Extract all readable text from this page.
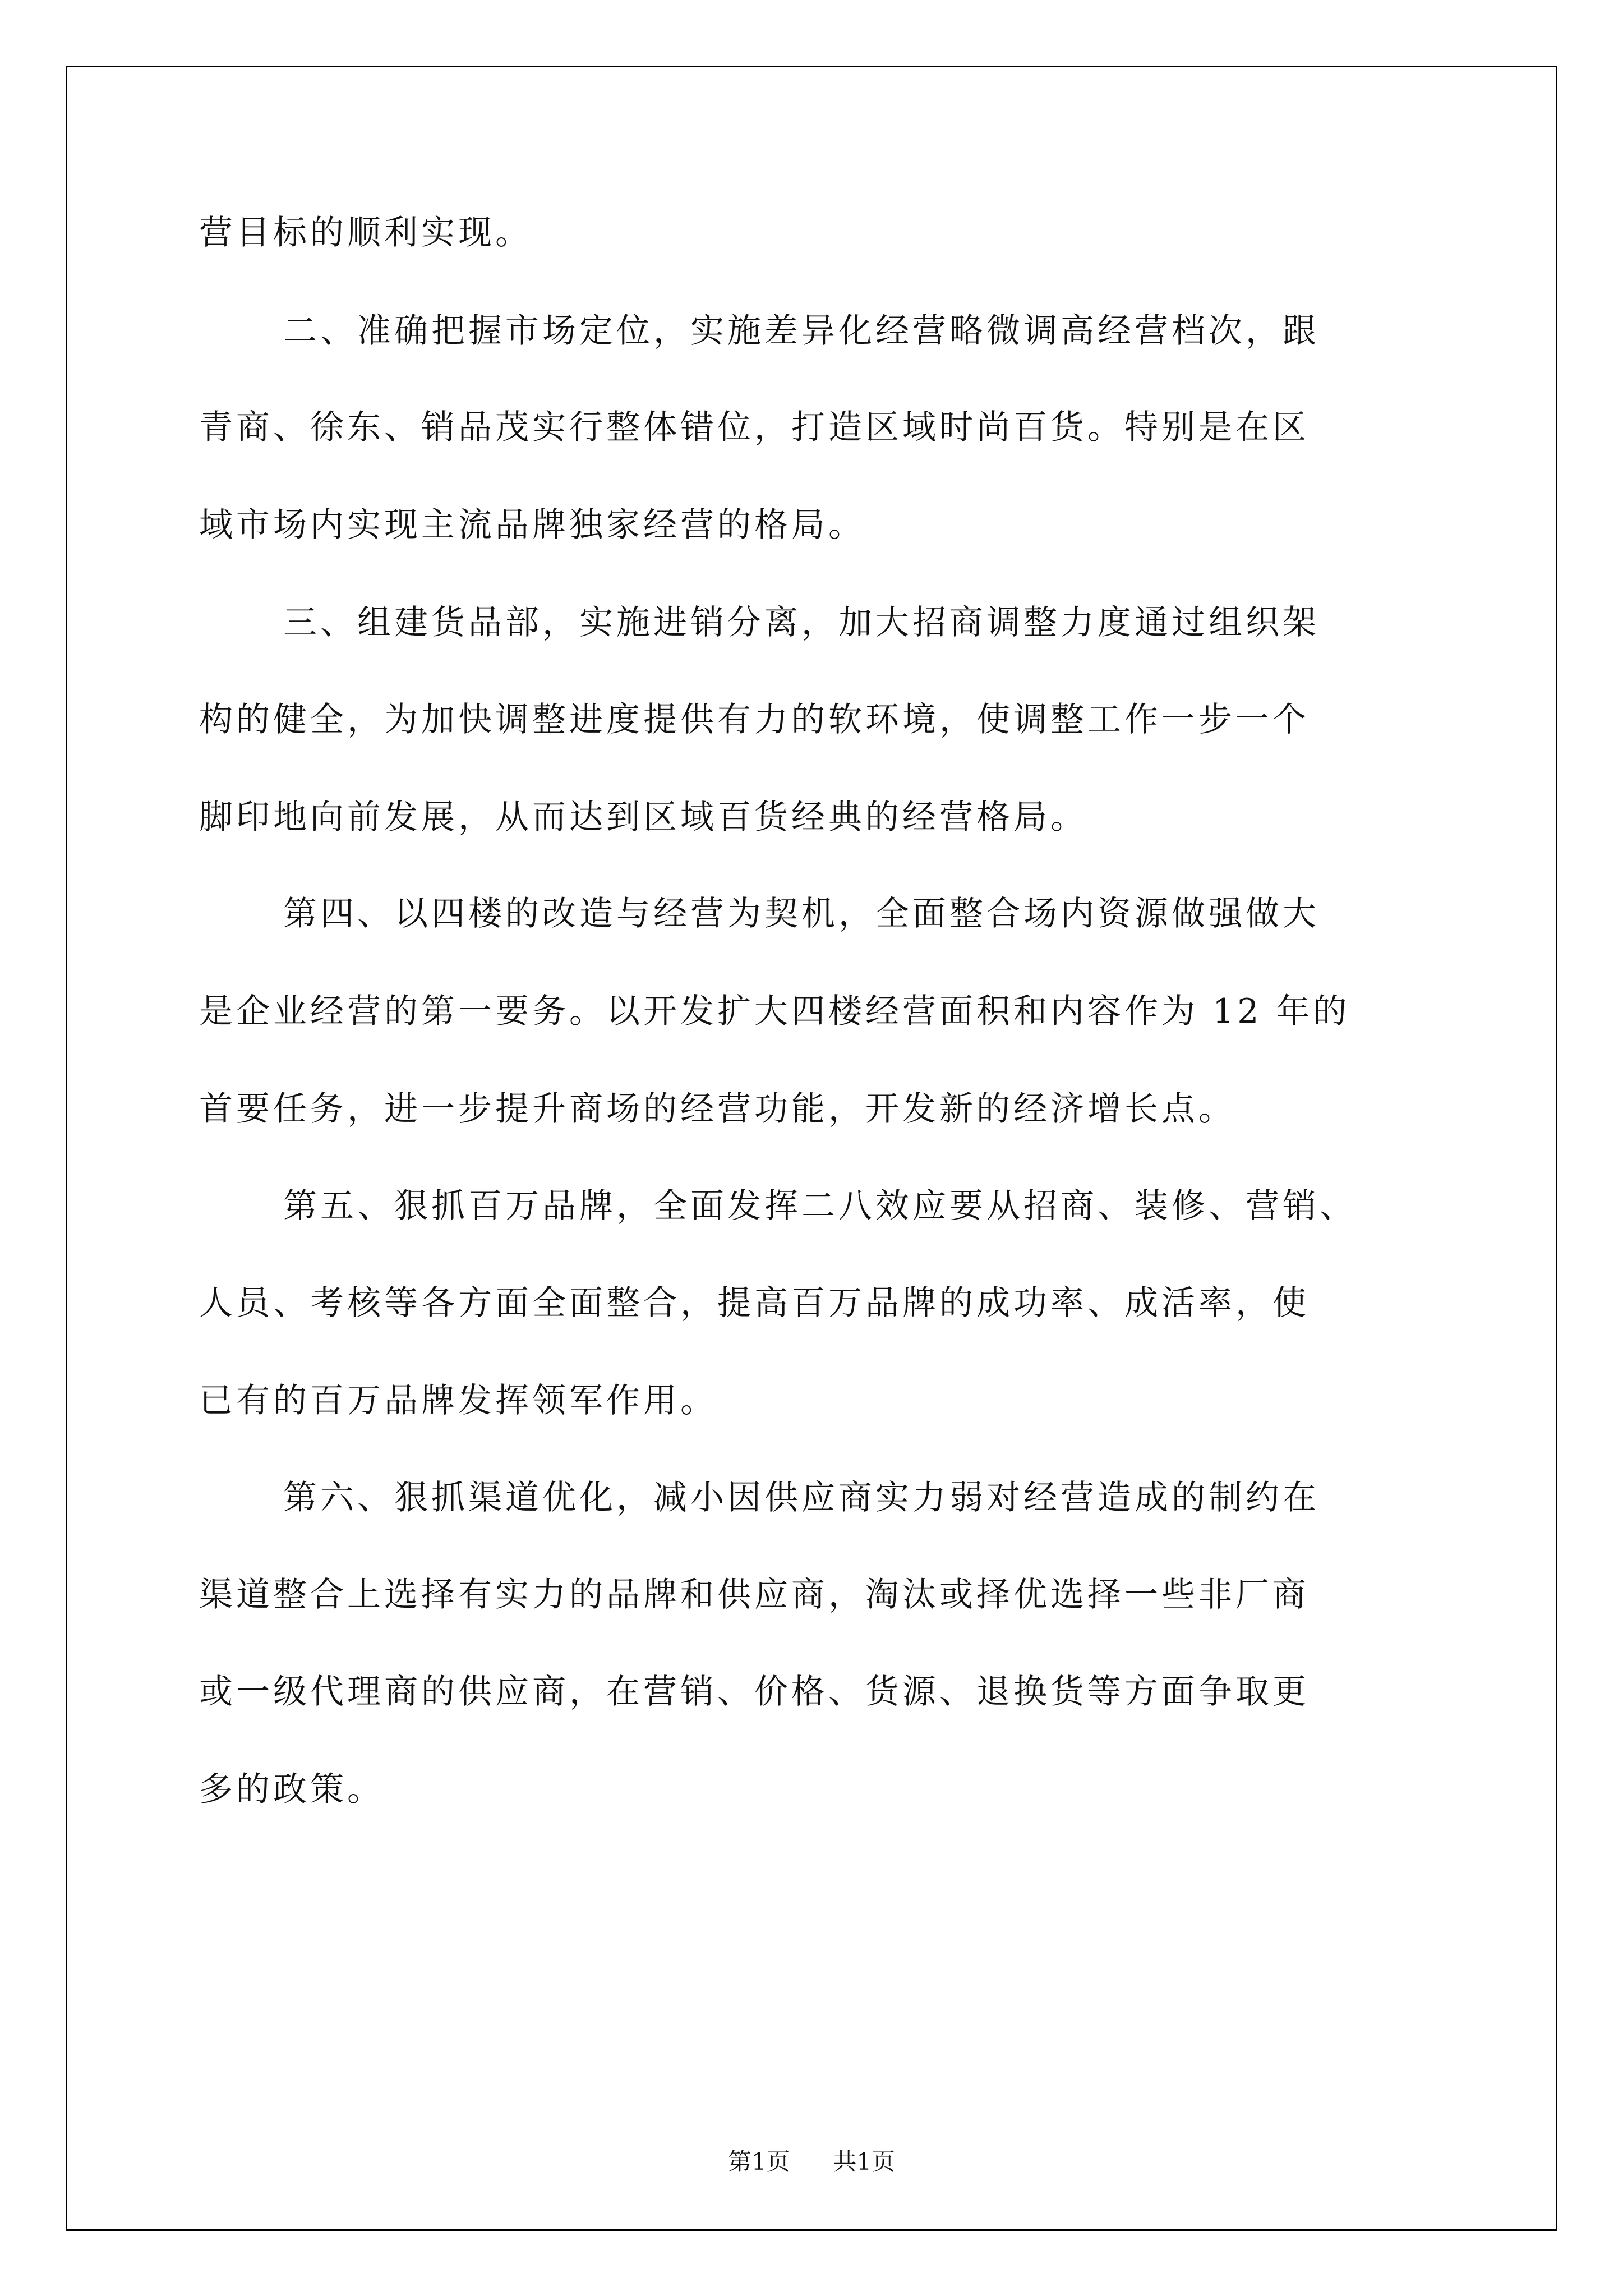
营目标的顺利实现。
二、准确把握市场定位，实施差异化经营略微调高经营档次，跟
青商、徐东、销品茂实行整体错位，打造区域时尚百货。特别是在区
域市场内实现主流品牌独家经营的格局。
三、组建货品部，实施进销分离，加大招商调整力度通过组织架
构的健全，为加快调整进度提供有力的软环境，使调整工作一步一个
脚印地向前发展，从而达到区域百货经典的经营格局。
第四、以四楼的改造与经营为契机，全面整合场内资源做强做大
是企业经营的第一要务。以开发扩大四楼经营面积和内容作为 12 年的
首要任务，进一步提升商场的经营功能，开发新的经济增长点。
第五、狠抓百万品牌，全面发挥二八效应要从招商、装修、营销、
人员、考核等各方面全面整合，提高百万品牌的成功率、成活率，使
已有的百万品牌发挥领军作用。
第六、狠抓渠道优化，减小因供应商实力弱对经营造成的制约在
渠道整合上选择有实力的品牌和供应商，淘汰或择优选择一些非厂商
或一级代理商的供应商，在营销、价格、货源、退换货等方面争取更
多的政策。
第1页 共1页
